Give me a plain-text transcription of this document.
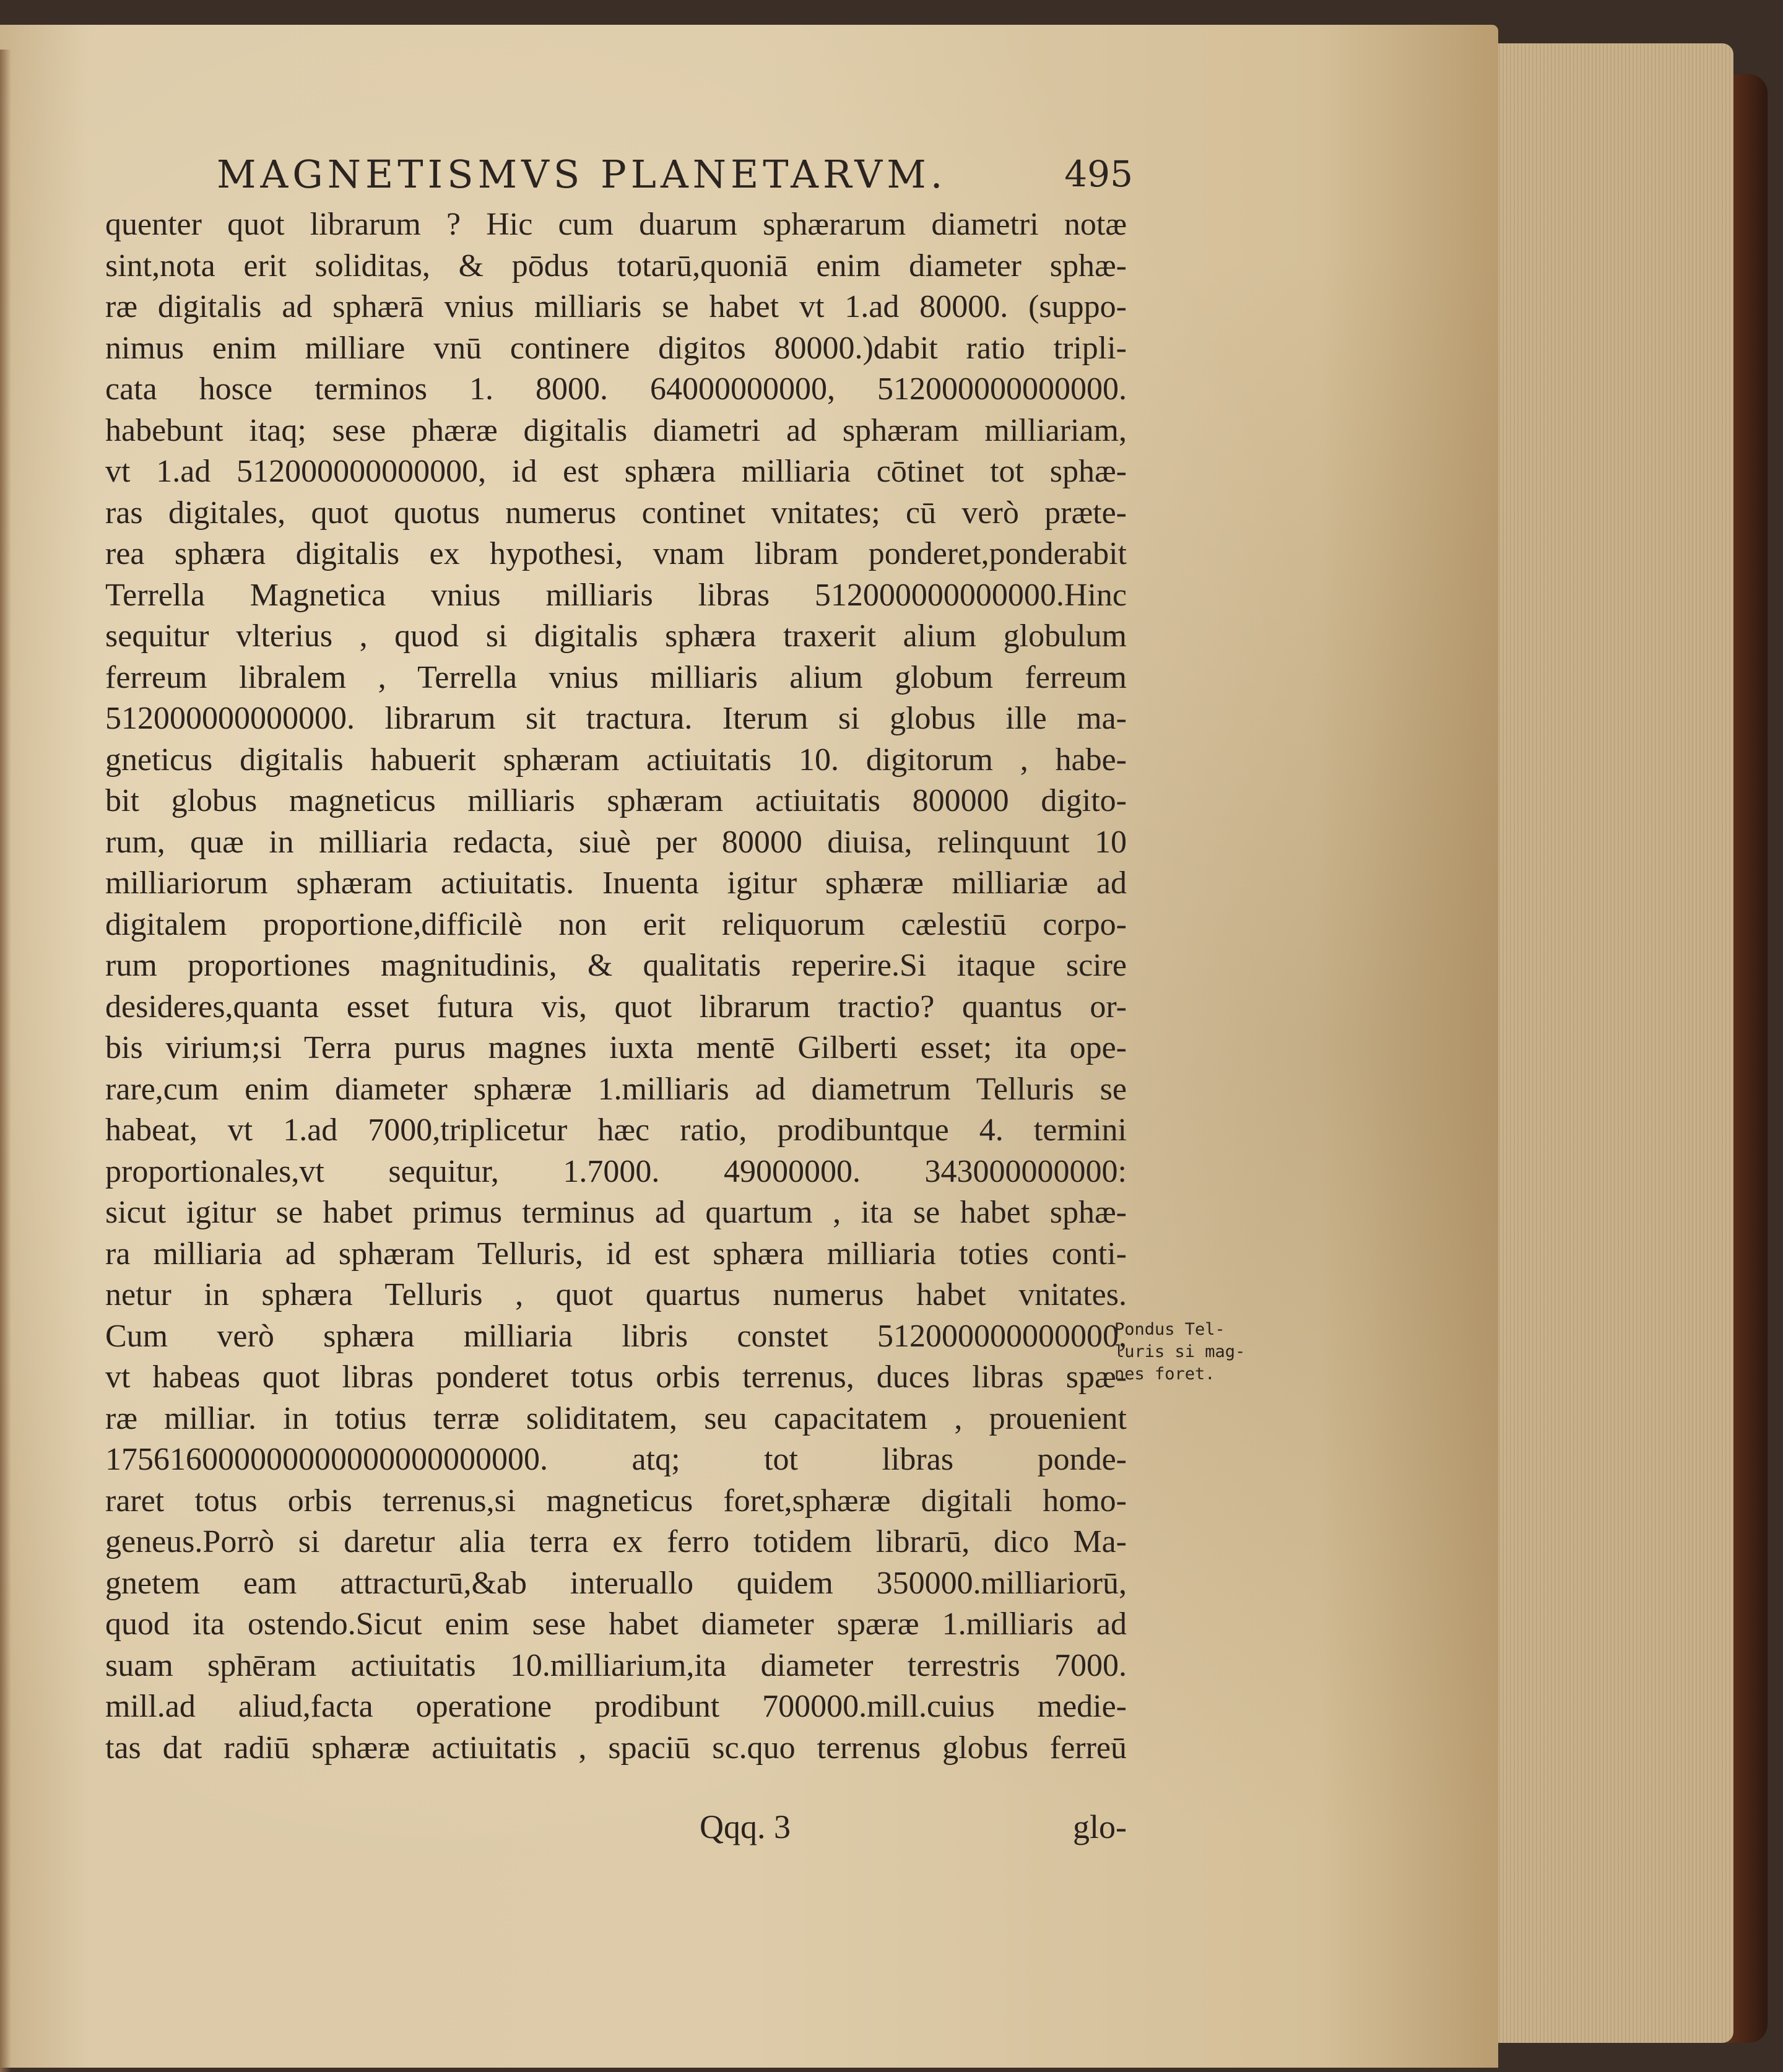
MAGNETISMVS PLANETARVM.	495
quenter quot librarum ? Hic cum duarum sphærarum diametri notæ
sint,nota erit soliditas, & pōdus totarū,quoniā enim diameter sphæ-
ræ digitalis ad sphærā vnius milliaris se habet vt 1.ad 80000. (suppo-
nimus enim milliare vnū continere digitos 80000.)dabit ratio tripli-
cata hosce terminos 1. 8000. 64000000000, 512000000000000.
habebunt itaq; sese phæræ digitalis diametri ad sphæram milliariam,
vt 1.ad 512000000000000, id est sphæra milliaria cōtinet tot sphæ-
ras digitales, quot quotus numerus continet vnitates; cū verò præte-
rea sphæra digitalis ex hypothesi, vnam libram ponderet,ponderabit
Terrella Magnetica vnius milliaris libras 512000000000000.Hinc
sequitur vlterius , quod si digitalis sphæra traxerit alium globulum
ferreum libralem , Terrella vnius milliaris alium globum ferreum
512000000000000. librarum sit tractura. Iterum si globus ille ma-
gneticus digitalis habuerit sphæram actiuitatis 10. digitorum , habe-
bit globus magneticus milliaris sphæram actiuitatis 800000 digito-
rum, quæ in milliaria redacta, siuè per 80000 diuisa, relinquunt 10
milliariorum sphæram actiuitatis. Inuenta igitur sphæræ milliariæ ad
digitalem proportione,difficilè non erit reliquorum cælestiū corpo-
rum proportiones magnitudinis, & qualitatis reperire.Si itaque scire
desideres,quanta esset futura vis, quot librarum tractio? quantus or-
bis virium;si Terra purus magnes iuxta mentē Gilberti esset; ita ope-
rare,cum enim diameter sphæræ 1.milliaris ad diametrum Telluris se
habeat, vt 1.ad 7000,triplicetur hæc ratio, prodibuntque 4. termini
proportionales,vt sequitur, 1.7000. 49000000. 343000000000:
sicut igitur se habet primus terminus ad quartum , ita se habet sphæ-
ra milliaria ad sphæram Telluris, id est sphæra milliaria toties conti-
netur in sphæra Telluris , quot quartus numerus habet vnitates.
Cum verò sphæra milliaria libris constet 512000000000000,
vt habeas quot libras ponderet totus orbis terrenus, duces libras spæ-
ræ milliar. in totius terræ soliditatem, seu capacitatem , prouenient
175616000000000000000000000. atq; tot libras ponde-
raret totus orbis terrenus,si magneticus foret,sphæræ digitali homo-
geneus.Porrò si daretur alia terra ex ferro totidem librarū, dico Ma-
gnetem eam attracturū,&ab interuallo quidem 350000.milliariorū,
quod ita ostendo.Sicut enim sese habet diameter spæræ 1.milliaris ad
suam sphēram actiuitatis 10.milliarium,ita diameter terrestris 7000.
mill.ad aliud,facta operatione prodibunt 700000.mill.cuius medie-
tas dat radiū sphæræ actiuitatis , spaciū sc.quo terrenus globus ferreū
Pondus Tel-
luris si mag-
nes foret.
Qqq. 3	glo-
